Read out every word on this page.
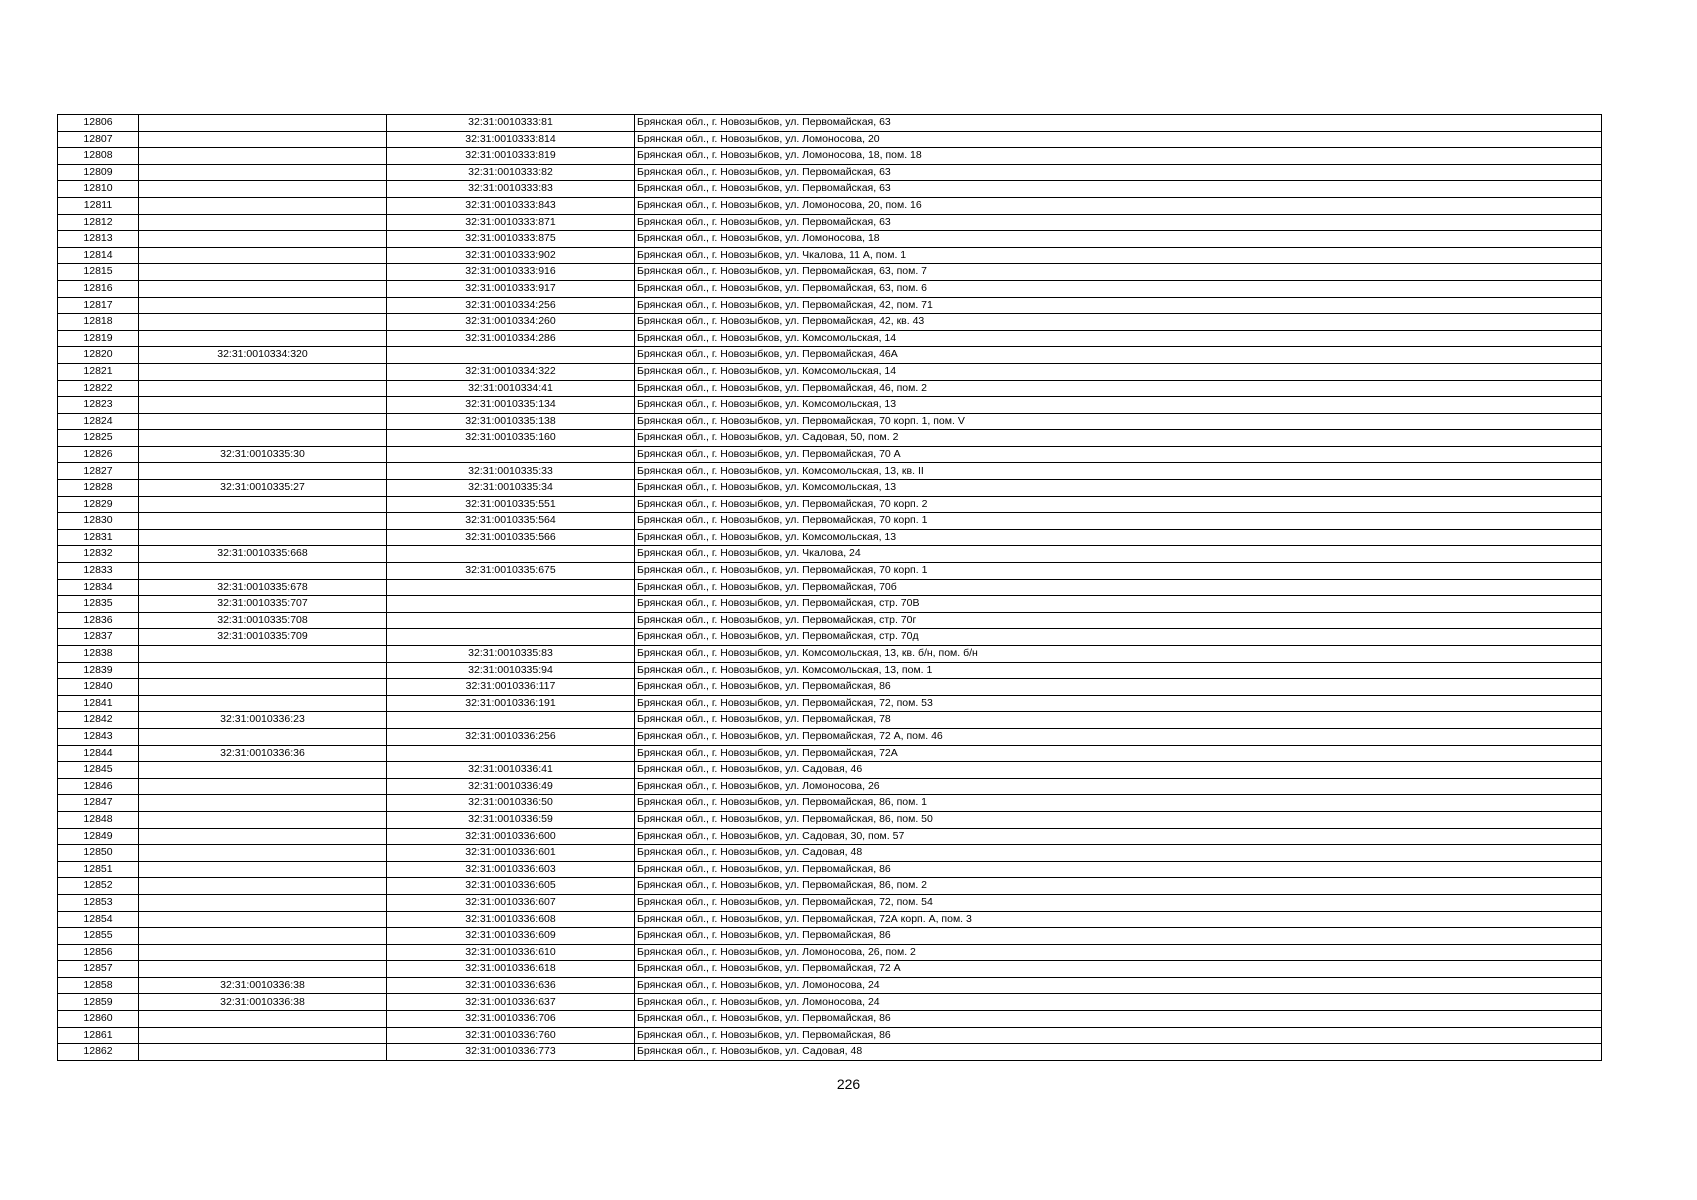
12806		32:31:0010333:81	Брянская обл., г. Новозыбков, ул. Первомайская, 63
12807		32:31:0010333:814	Брянская обл., г. Новозыбков, ул. Ломоносова, 20
12808		32:31:0010333:819	Брянская обл., г. Новозыбков, ул. Ломоносова, 18, пом. 18
12809		32:31:0010333:82	Брянская обл., г. Новозыбков, ул. Первомайская, 63
12810		32:31:0010333:83	Брянская обл., г. Новозыбков, ул. Первомайская, 63
12811		32:31:0010333:843	Брянская обл., г. Новозыбков, ул. Ломоносова, 20, пом. 16
12812		32:31:0010333:871	Брянская обл., г. Новозыбков, ул. Первомайская, 63
12813		32:31:0010333:875	Брянская обл., г. Новозыбков, ул. Ломоносова, 18
12814		32:31:0010333:902	Брянская обл., г. Новозыбков, ул. Чкалова, 11 А, пом. 1
12815		32:31:0010333:916	Брянская обл., г. Новозыбков, ул. Первомайская, 63, пом. 7
12816		32:31:0010333:917	Брянская обл., г. Новозыбков, ул. Первомайская, 63, пом. 6
12817		32:31:0010334:256	Брянская обл., г. Новозыбков, ул. Первомайская, 42, пом. 71
12818		32:31:0010334:260	Брянская обл., г. Новозыбков, ул. Первомайская, 42, кв. 43
12819		32:31:0010334:286	Брянская обл., г. Новозыбков, ул. Комсомольская, 14
12820	32:31:0010334:320		Брянская обл., г. Новозыбков, ул. Первомайская, 46А
12821		32:31:0010334:322	Брянская обл., г. Новозыбков, ул. Комсомольская, 14
12822		32:31:0010334:41	Брянская обл., г. Новозыбков, ул. Первомайская, 46, пом. 2
12823		32:31:0010335:134	Брянская обл., г. Новозыбков, ул. Комсомольская, 13
12824		32:31:0010335:138	Брянская обл., г. Новозыбков, ул. Первомайская, 70 корп. 1, пом. V
12825		32:31:0010335:160	Брянская обл., г. Новозыбков, ул. Садовая, 50, пом. 2
12826	32:31:0010335:30		Брянская обл., г. Новозыбков, ул. Первомайская, 70 А
12827		32:31:0010335:33	Брянская обл., г. Новозыбков, ул. Комсомольская, 13, кв. II
12828	32:31:0010335:27	32:31:0010335:34	Брянская обл., г. Новозыбков, ул. Комсомольская, 13
12829		32:31:0010335:551	Брянская обл., г. Новозыбков, ул. Первомайская, 70 корп. 2
12830		32:31:0010335:564	Брянская обл., г. Новозыбков, ул. Первомайская, 70 корп. 1
12831		32:31:0010335:566	Брянская обл., г. Новозыбков, ул. Комсомольская, 13
12832	32:31:0010335:668		Брянская обл., г. Новозыбков, ул. Чкалова, 24
12833		32:31:0010335:675	Брянская обл., г. Новозыбков, ул. Первомайская, 70 корп. 1
12834	32:31:0010335:678		Брянская обл., г. Новозыбков, ул. Первомайская, 70б
12835	32:31:0010335:707		Брянская обл., г. Новозыбков, ул. Первомайская, стр. 70В
12836	32:31:0010335:708		Брянская обл., г. Новозыбков, ул. Первомайская, стр. 70г
12837	32:31:0010335:709		Брянская обл., г. Новозыбков, ул. Первомайская, стр. 70д
12838		32:31:0010335:83	Брянская обл., г. Новозыбков, ул. Комсомольская, 13, кв. б/н, пом. б/н
12839		32:31:0010335:94	Брянская обл., г. Новозыбков, ул. Комсомольская, 13, пом. 1
12840		32:31:0010336:117	Брянская обл., г. Новозыбков, ул. Первомайская, 86
12841		32:31:0010336:191	Брянская обл., г. Новозыбков, ул. Первомайская, 72, пом. 53
12842	32:31:0010336:23		Брянская обл., г. Новозыбков, ул. Первомайская, 78
12843		32:31:0010336:256	Брянская обл., г. Новозыбков, ул. Первомайская, 72 А, пом. 46
12844	32:31:0010336:36		Брянская обл., г. Новозыбков, ул. Первомайская, 72А
12845		32:31:0010336:41	Брянская обл., г. Новозыбков, ул. Садовая, 46
12846		32:31:0010336:49	Брянская обл., г. Новозыбков, ул. Ломоносова, 26
12847		32:31:0010336:50	Брянская обл., г. Новозыбков, ул. Первомайская, 86, пом. 1
12848		32:31:0010336:59	Брянская обл., г. Новозыбков, ул. Первомайская, 86, пом. 50
12849		32:31:0010336:600	Брянская обл., г. Новозыбков, ул. Садовая, 30, пом. 57
12850		32:31:0010336:601	Брянская обл., г. Новозыбков, ул. Садовая, 48
12851		32:31:0010336:603	Брянская обл., г. Новозыбков, ул. Первомайская, 86
12852		32:31:0010336:605	Брянская обл., г. Новозыбков, ул. Первомайская, 86, пом. 2
12853		32:31:0010336:607	Брянская обл., г. Новозыбков, ул. Первомайская, 72, пом. 54
12854		32:31:0010336:608	Брянская обл., г. Новозыбков, ул. Первомайская, 72А корп. А, пом. 3
12855		32:31:0010336:609	Брянская обл., г. Новозыбков, ул. Первомайская, 86
12856		32:31:0010336:610	Брянская обл., г. Новозыбков, ул. Ломоносова, 26, пом. 2
12857		32:31:0010336:618	Брянская обл., г. Новозыбков, ул. Первомайская, 72 А
12858	32:31:0010336:38	32:31:0010336:636	Брянская обл., г. Новозыбков, ул. Ломоносова, 24
12859	32:31:0010336:38	32:31:0010336:637	Брянская обл., г. Новозыбков, ул. Ломоносова, 24
12860		32:31:0010336:706	Брянская обл., г. Новозыбков, ул. Первомайская, 86
12861		32:31:0010336:760	Брянская обл., г. Новозыбков, ул. Первомайская, 86
12862		32:31:0010336:773	Брянская обл., г. Новозыбков, ул. Садовая, 48
226
